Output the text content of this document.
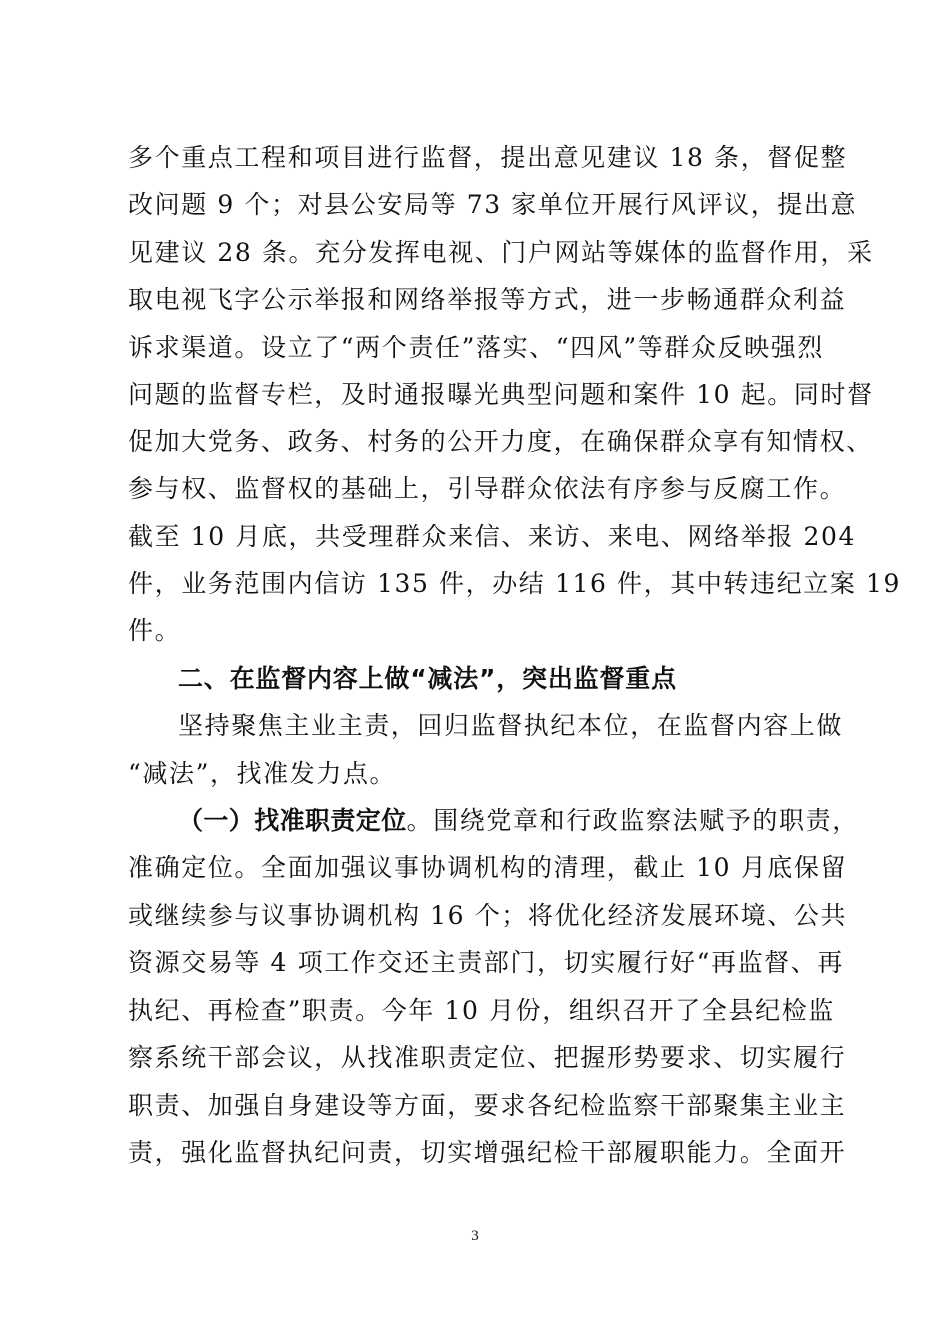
多个重点工程和项目进行监督，提出意见建议 18 条，督促整
改问题 9 个；对县公安局等 73 家单位开展行风评议，提出意
见建议 28 条。充分发挥电视、门户网站等媒体的监督作用，采
取电视飞字公示举报和网络举报等方式，进一步畅通群众利益
诉求渠道。设立了“两个责任”落实、“四风”等群众反映强烈
问题的监督专栏，及时通报曝光典型问题和案件 10 起。同时督
促加大党务、政务、村务的公开力度，在确保群众享有知情权、
参与权、监督权的基础上，引导群众依法有序参与反腐工作。
截至 10 月底，共受理群众来信、来访、来电、网络举报 204
件，业务范围内信访 135 件，办结 116 件，其中转违纪立案 19
件。
二、在监督内容上做“减法”，突出监督重点
坚持聚焦主业主责，回归监督执纪本位，在监督内容上做
“减法”，找准发力点。
（一）找准职责定位。围绕党章和行政监察法赋予的职责，
准确定位。全面加强议事协调机构的清理，截止 10 月底保留
或继续参与议事协调机构 16 个；将优化经济发展环境、公共
资源交易等 4 项工作交还主责部门，切实履行好“再监督、再
执纪、再检查”职责。今年 10 月份，组织召开了全县纪检监
察系统干部会议，从找准职责定位、把握形势要求、切实履行
职责、加强自身建设等方面，要求各纪检监察干部聚集主业主
责，强化监督执纪问责，切实增强纪检干部履职能力。全面开
3
